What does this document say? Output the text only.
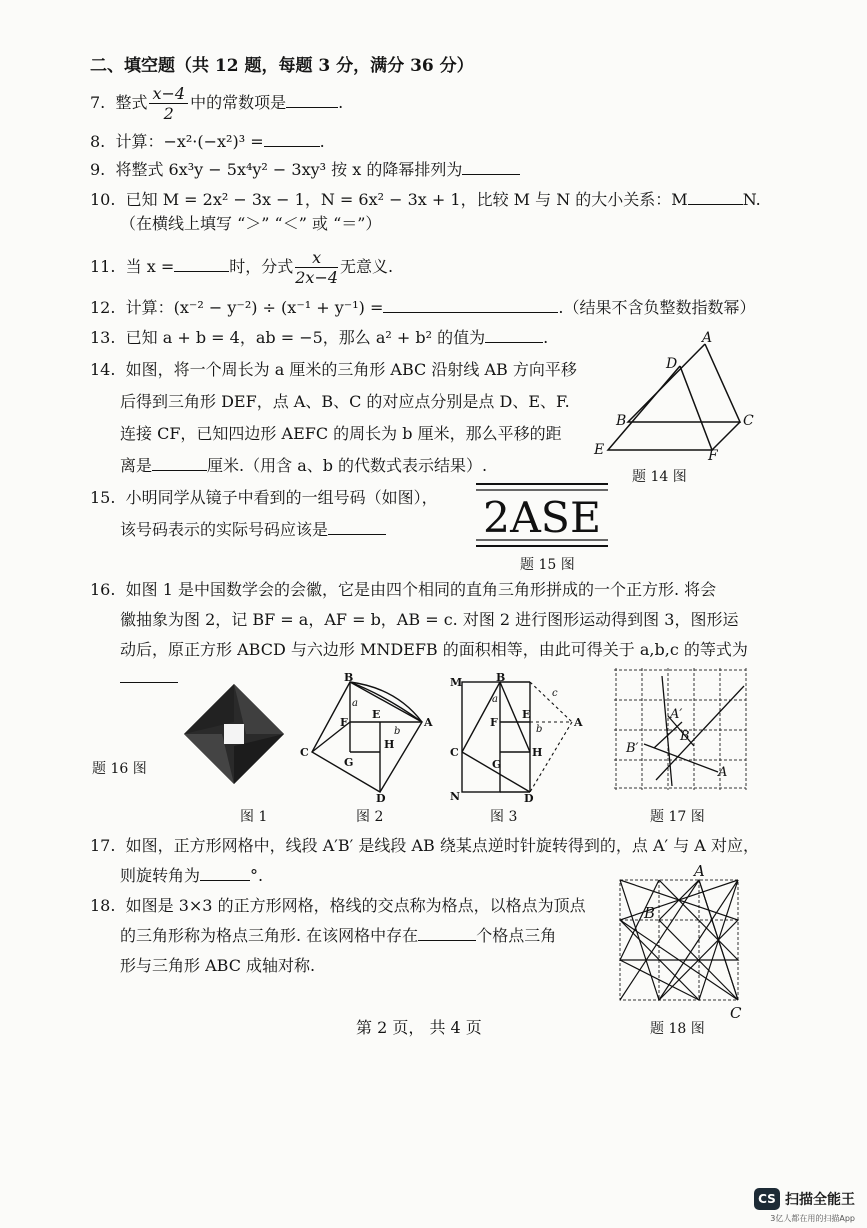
二、填空题（共 12 题，每题 3 分，满分 36 分）
7. 整式 $\frac{x-4}{2}$ 中的常数项是	.
8. 计算：−x²·(−x²)³ =	.
9. 将整式 6x³y − 5x⁴y² − 3xy³ 按 x 的降幂排列为
10. 已知 M = 2x² − 3x − 1，N = 6x² − 3x + 1，比较 M 与 N 的大小关系：M	N.
（在横线上填写 “＞” “＜” 或 “＝”）
11. 当 x =	时，分式 $\frac{x}{2x-4}$ 无意义.
12. 计算：(x⁻² − y⁻²) ÷ (x⁻¹ + y⁻¹) =	.（结果不含负整数指数幂）
13. 已知 a + b = 4，ab = −5，那么 a² + b² 的值为	.
14. 如图，将一个周长为 a 厘米的三角形 ABC 沿射线 AB 方向平移
后得到三角形 DEF，点 A、B、C 的对应点分别是点 D、E、F.
连接 CF，已知四边形 AEFC 的周长为 b 厘米，那么平移的距
离是	厘米.（用含 a、b 的代数式表示结果）.
A
D
B	C
E	F
题 14 图
15. 小明同学从镜子中看到的一组号码（如图），
该号码表示的实际号码应该是	2ASE
题 15 图
16. 如图 1 是中国数学会的会徽，它是由四个相同的直角三角形拼成的一个正方形. 将会
徽抽象为图 2，记 BF = a，AF = b，AB = c. 对图 2 进行图形运动得到图 3，图形运
动后，原正方形 ABCD 与六边形 MNDEFB 的面积相等，由此可得关于 a,b,c 的等式为
题 16 图
图 1
B
A
C
D
F
E
H
G
a
b
图 2
M	B
C
N	D
F
E
H
G
A
a
b
c
图 3
A′
B
B′
A
题 17 图
17. 如图，正方形网格中，线段 A′B′ 是线段 AB 绕某点逆时针旋转得到的，点 A′ 与 A 对应，
则旋转角为	°.
18. 如图是 3×3 的正方形网格，格线的交点称为格点，以格点为顶点
的三角形称为格点三角形. 在该网格中存在	个格点三角
形与三角形 ABC 成轴对称.
A
B
C
题 18 图
第 2 页， 共 4 页
CS 扫描全能王
3亿人都在用的扫描App
